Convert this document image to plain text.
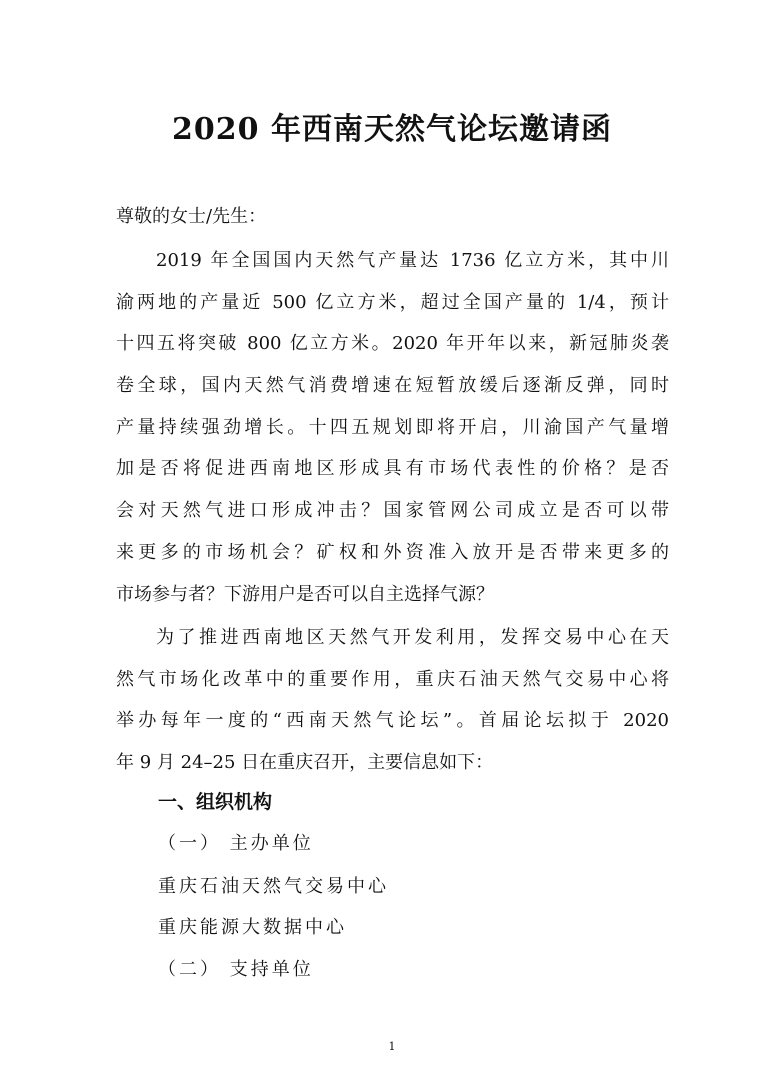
2020 年西南天然气论坛邀请函
尊敬的女士/先生：
2019 年全国国内天然气产量达 1736 亿立方米，其中川
渝两地的产量近 500 亿立方米，超过全国产量的 1/4，预计
十四五将突破 800 亿立方米。2020 年开年以来，新冠肺炎袭
卷全球，国内天然气消费增速在短暂放缓后逐渐反弹，同时
产量持续强劲增长。十四五规划即将开启，川渝国产气量增
加是否将促进西南地区形成具有市场代表性的价格？是否
会对天然气进口形成冲击？国家管网公司成立是否可以带
来更多的市场机会？矿权和外资准入放开是否带来更多的
市场参与者？下游用户是否可以自主选择气源？
为了推进西南地区天然气开发利用，发挥交易中心在天
然气市场化改革中的重要作用，重庆石油天然气交易中心将
举办每年一度的“西南天然气论坛”。首届论坛拟于 2020
年 9 月 24–25 日在重庆召开，主要信息如下：
一、组织机构
（一） 主办单位
重庆石油天然气交易中心
重庆能源大数据中心
（二） 支持单位
1
